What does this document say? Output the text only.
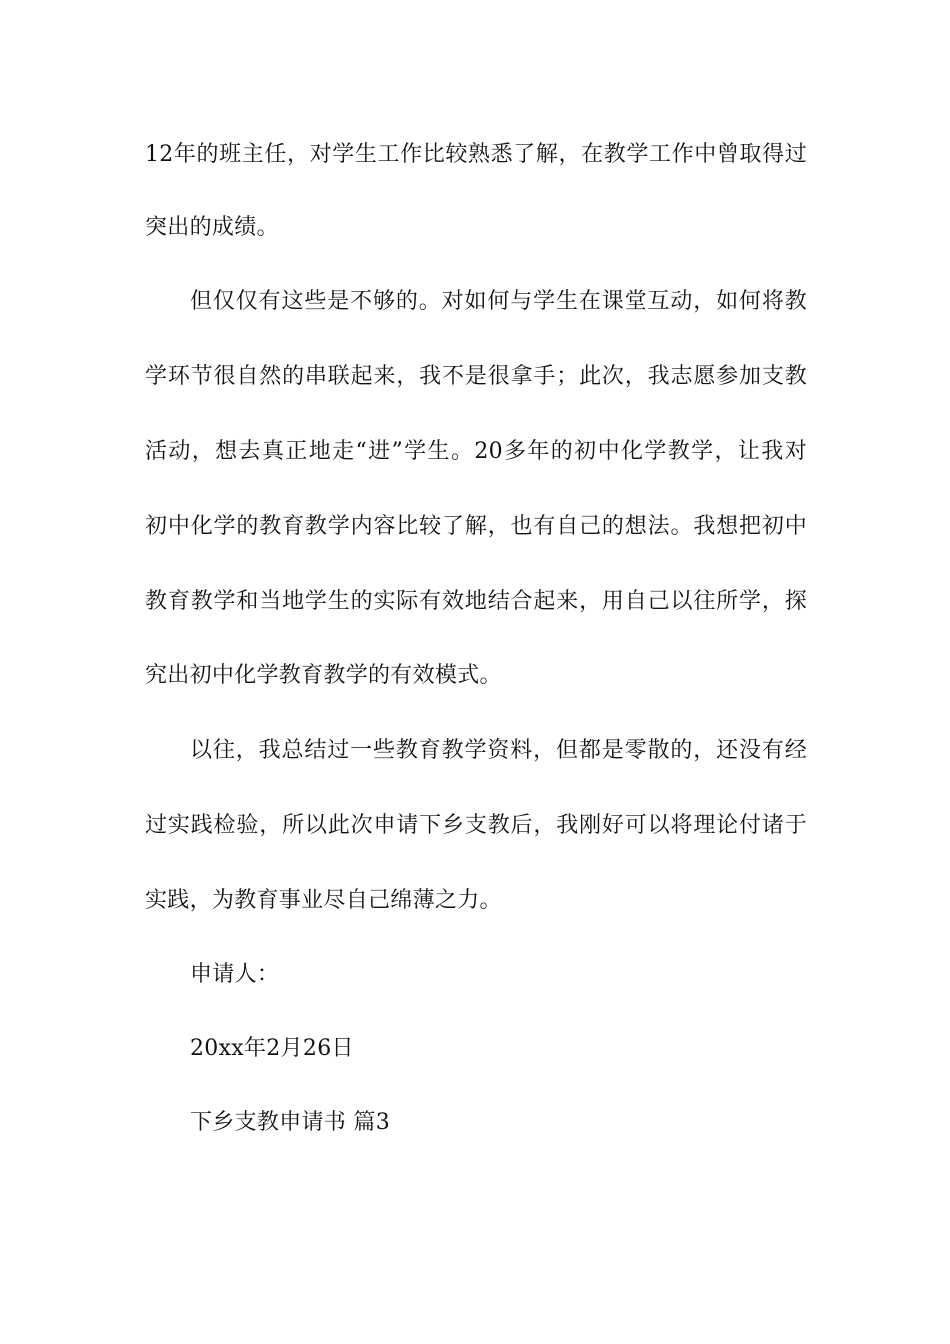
12年的班主任，对学生工作比较熟悉了解，在教学工作中曾取得过
突出的成绩。
但仅仅有这些是不够的。对如何与学生在课堂互动，如何将教
学环节很自然的串联起来，我不是很拿手；此次，我志愿参加支教
活动，想去真正地走“进”学生。20多年的初中化学教学，让我对
初中化学的教育教学内容比较了解，也有自己的想法。我想把初中
教育教学和当地学生的实际有效地结合起来，用自己以往所学，探
究出初中化学教育教学的有效模式。
以往，我总结过一些教育教学资料，但都是零散的，还没有经
过实践检验，所以此次申请下乡支教后，我刚好可以将理论付诸于
实践，为教育事业尽自己绵薄之力。
申请人：
20xx年2月26日
下乡支教申请书 篇3
